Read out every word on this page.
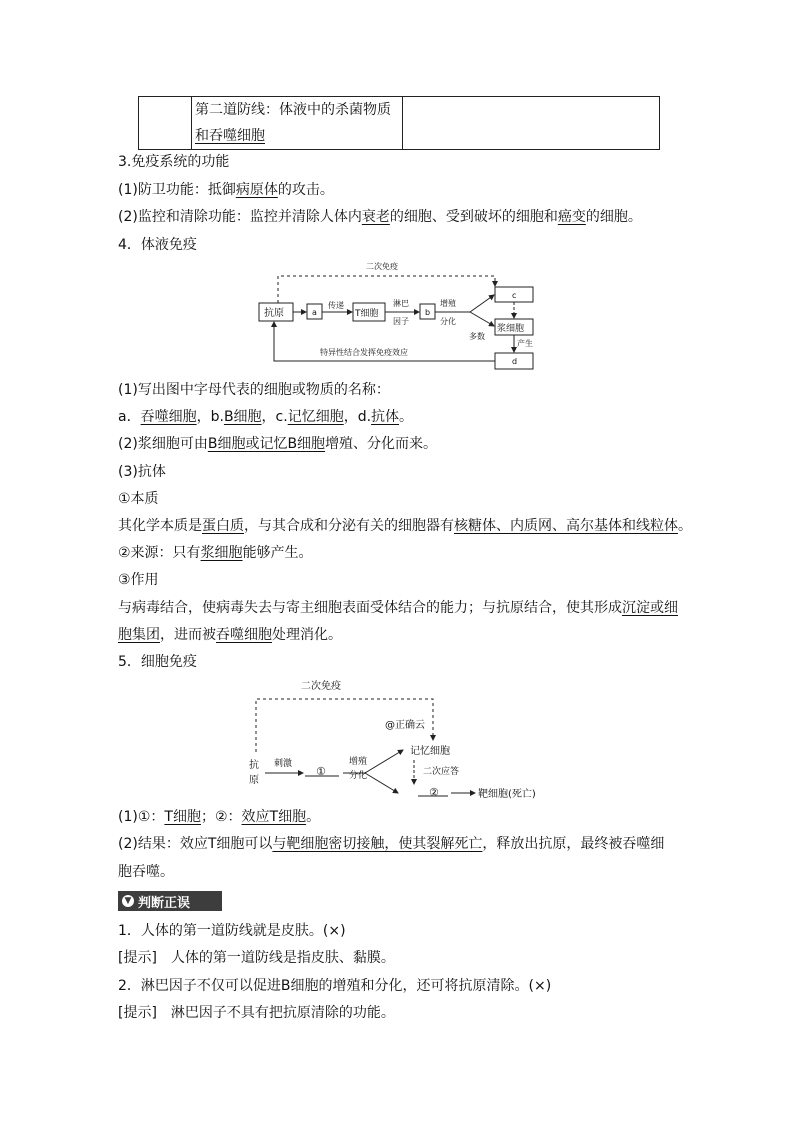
	第二道防线：体液中的杀菌物质
和吞噬细胞	
3.免疫系统的功能
(1)防卫功能：抵御病原体的攻击。
(2)监控和清除功能：监控并清除人体内衰老的细胞、受到破坏的细胞和癌变的细胞。
4．体液免疫
二次免疫
抗原	a
传递
T细胞
淋巴
因子
b
增殖
分化
c
多数
浆细胞
产生
d
特异性结合发挥免疫效应
(1)写出图中字母代表的细胞或物质的名称：
a．吞噬细胞，b.B细胞，c.记忆细胞，d.抗体。
(2)浆细胞可由B细胞或记忆B细胞增殖、分化而来。
(3)抗体
①本质
其化学本质是蛋白质，与其合成和分泌有关的细胞器有核糖体、内质网、高尔基体和线粒体。
②来源：只有浆细胞能够产生。
③作用
与病毒结合，使病毒失去与寄主细胞表面受体结合的能力；与抗原结合，使其形成沉淀或细
胞集团，进而被吞噬细胞处理消化。
5．细胞免疫
二次免疫
@正确云
抗
原
刺激
①
增殖
分化
记忆细胞
二次应答
②	靶细胞(死亡)
(1)①：T细胞；②：效应T细胞。
(2)结果：效应T细胞可以与靶细胞密切接触，使其裂解死亡，释放出抗原，最终被吞噬细
胞吞噬。
▼ 判断正误
1．人体的第一道防线就是皮肤。(×)
[提示]　人体的第一道防线是指皮肤、黏膜。
2．淋巴因子不仅可以促进B细胞的增殖和分化，还可将抗原清除。(×)
[提示]　淋巴因子不具有把抗原清除的功能。
